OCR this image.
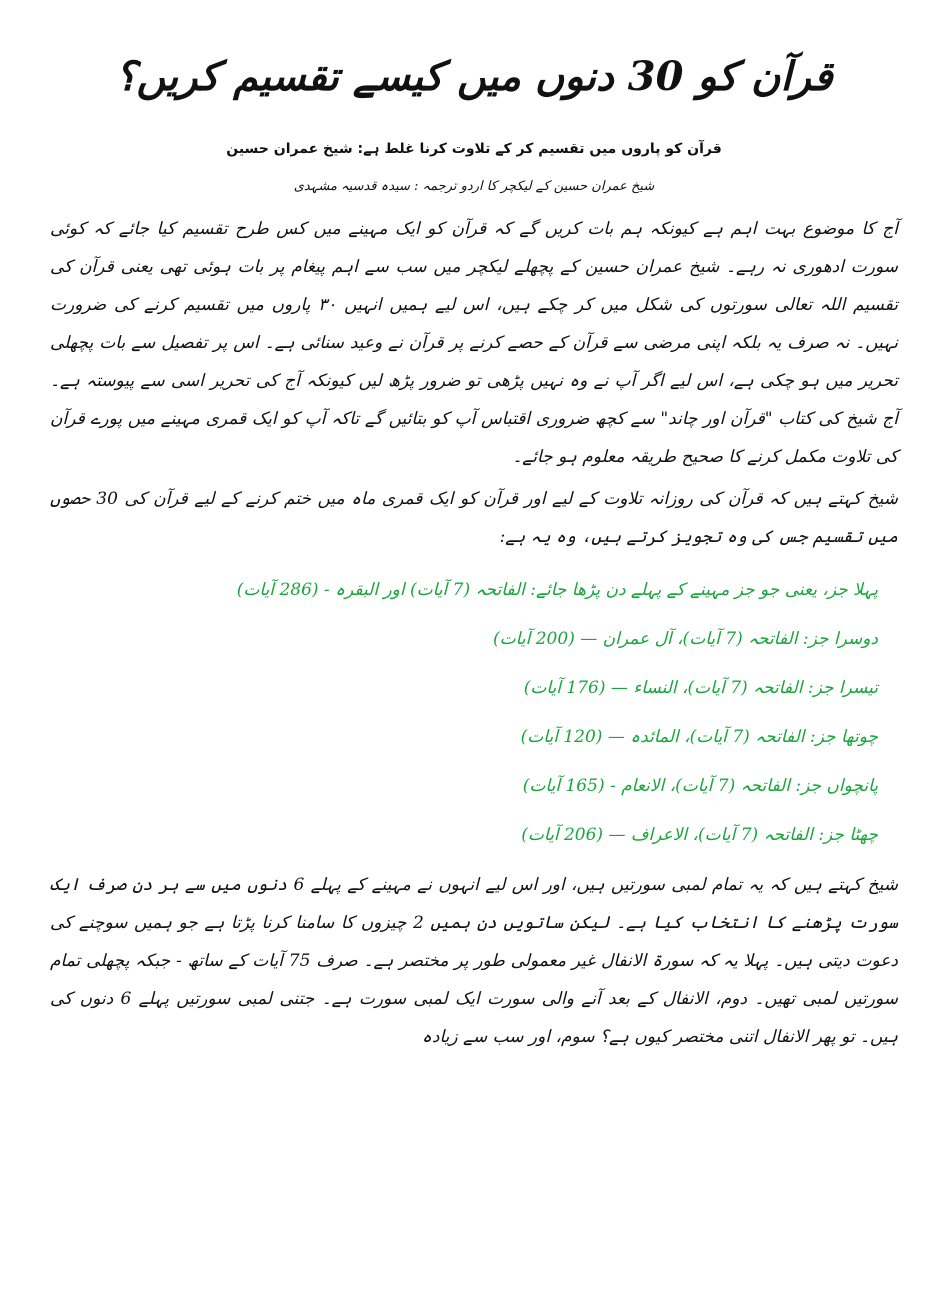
قرآن کو 30 دنوں میں کیسے تقسیم کریں؟
قرآن کو پاروں میں تقسیم کر کے تلاوت کرنا غلط ہے: شیخ عمران حسین
شیخ عمران حسین کے لیکچر کا اردو ترجمہ : سیدہ قدسیہ مشہدی

آج کا موضوع بہت اہم ہے کیونکہ ہم بات کریں گے کہ قرآن کو ایک مہینے میں کس طرح تقسیم کیا جائے کہ کوئی سورت ادھوری نہ رہے۔ شیخ عمران حسین کے پچھلے لیکچر میں سب سے اہم پیغام پر بات ہوئی تھی یعنی قرآن کی تقسیم اللہ تعالی سورتوں کی شکل میں کر چکے ہیں، اس لیے ہمیں انہیں ۳۰ پاروں میں تقسیم کرنے کی ضرورت نہیں۔ نہ صرف یہ بلکہ اپنی مرضی سے قرآن کے حصے کرنے پر قرآن نے وعید سنائی ہے۔ اس پر تفصیل سے بات پچھلی تحریر میں ہو چکی ہے، اس لیے اگر آپ نے وہ نہیں پڑھی تو ضرور پڑھ لیں کیونکہ آج کی تحریر اسی سے پیوستہ ہے۔ آج شیخ کی کتاب "قرآن اور چاند" سے کچھ ضروری اقتباس آپ کو بتائیں گے تاکہ آپ کو ایک قمری مہینے میں پورے قرآن کی تلاوت مکمل کرنے کا صحیح طریقہ معلوم ہو جائے۔

شیخ کہتے ہیں کہ قرآن کی روزانہ تلاوت کے لیے اور قرآن کو ایک قمری ماہ میں ختم کرنے کے لیے قرآن کی 30 حصوں میں تقسیم جس کی وہ تجویز کرتے ہیں، وہ یہ ہے:

پہلا جز، یعنی جو جز مہینے کے پہلے دن پڑھا جائے: الفاتحہ (7 آیات) اور البقرہ - (286 آیات)

دوسرا جز: الفاتحہ (7 آیات)، آل عمران — (200 آیات)

تیسرا جز: الفاتحہ (7 آیات)، النساء — (176 آیات)

چوتھا جز: الفاتحہ (7 آیات)، المائدہ — (120 آیات)

پانچواں جز: الفاتحہ (7 آیات)، الانعام - (165 آیات)

چھٹا جز: الفاتحہ (7 آیات)، الاعراف — (206 آیات)

شیخ کہتے ہیں کہ یہ تمام لمبی سورتیں ہیں، اور اس لیے انہوں نے مہینے کے پہلے 6 دنوں میں سے ہر دن صرف ایک سورت پڑھنے کا انتخاب کیا ہے۔ لیکن ساتویں دن ہمیں 2 چیزوں کا سامنا کرنا پڑتا ہے جو ہمیں سوچنے کی دعوت دیتی ہیں۔ پہلا یہ کہ سورۃ الانفال غیر معمولی طور پر مختصر ہے۔ صرف 75 آیات کے ساتھ - جبکہ پچھلی تمام سورتیں لمبی تھیں۔ دوم، الانفال کے بعد آنے والی سورت ایک لمبی سورت ہے۔ جتنی لمبی سورتیں پہلے 6 دنوں کی ہیں۔ تو پھر الانفال اتنی مختصر کیوں ہے؟ سوم، اور سب سے زیادہ
